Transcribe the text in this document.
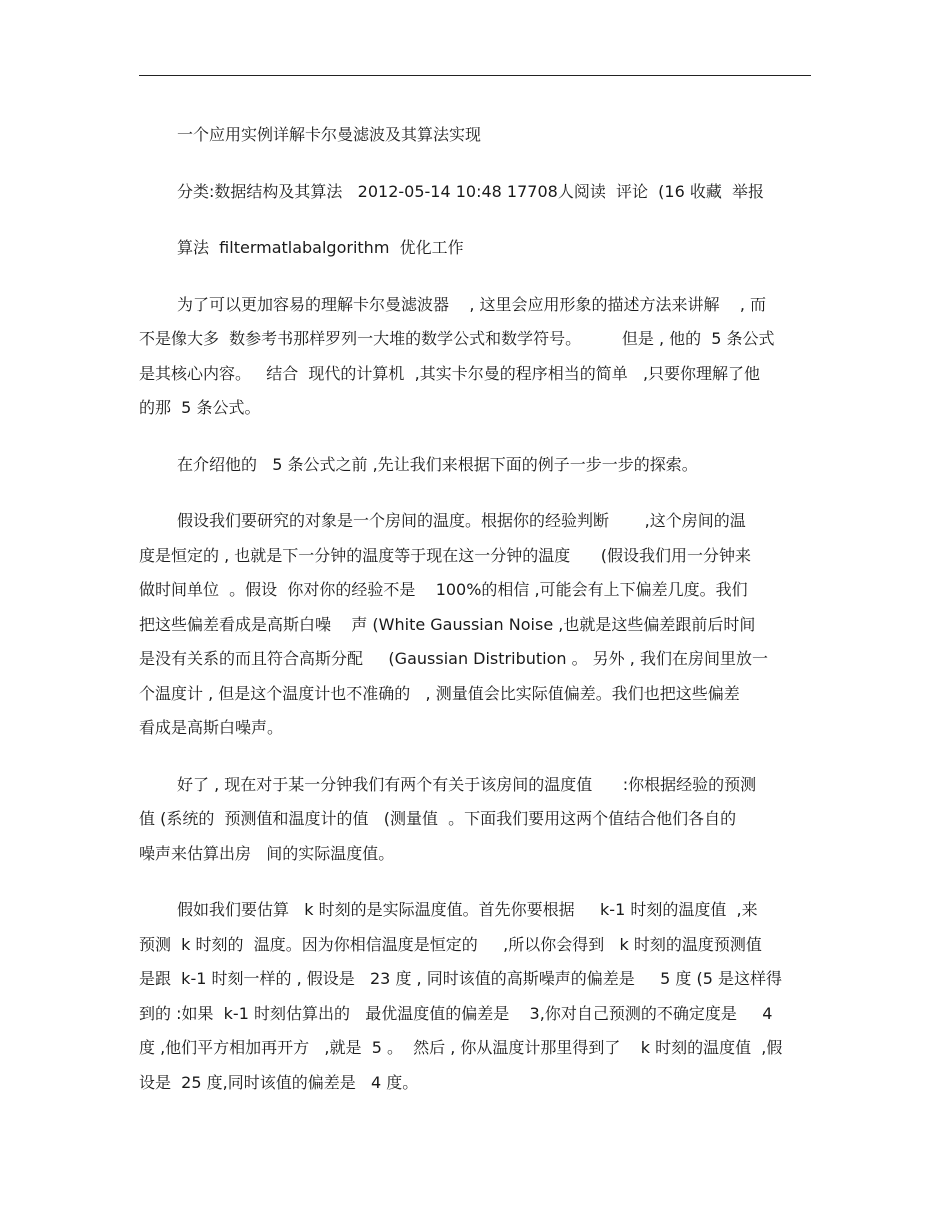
一个应用实例详解卡尔曼滤波及其算法实现
分类:数据结构及其算法   2012-05-14 10:48 17708人阅读  评论  (16 收藏  举报
算法  filtermatlabalgorithm  优化工作
为了可以更加容易的理解卡尔曼滤波器    , 这里会应用形象的描述方法来讲解    , 而
不是像大多  数参考书那样罗列一大堆的数学公式和数学符号。        但是 , 他的  5 条公式
是其核心内容。   结合  现代的计算机  ,其实卡尔曼的程序相当的简单   ,只要你理解了他
的那  5 条公式。
在介绍他的   5 条公式之前 ,先让我们来根据下面的例子一步一步的探索。
假设我们要研究的对象是一个房间的温度。根据你的经验判断       ,这个房间的温
度是恒定的 , 也就是下一分钟的温度等于现在这一分钟的温度      (假设我们用一分钟来
做时间单位  。假设  你对你的经验不是    100%的相信 ,可能会有上下偏差几度。我们
把这些偏差看成是高斯白噪    声 (White Gaussian Noise ,也就是这些偏差跟前后时间
是没有关系的而且符合高斯分配     (Gaussian Distribution 。 另外 , 我们在房间里放一
个温度计 , 但是这个温度计也不准确的   , 测量值会比实际值偏差。我们也把这些偏差
看成是高斯白噪声。
好了 , 现在对于某一分钟我们有两个有关于该房间的温度值      :你根据经验的预测
值 (系统的  预测值和温度计的值   (测量值  。下面我们要用这两个值结合他们各自的
噪声来估算出房   间的实际温度值。
假如我们要估算   k 时刻的是实际温度值。首先你要根据     k-1 时刻的温度值  ,来
预测  k 时刻的  温度。因为你相信温度是恒定的     ,所以你会得到   k 时刻的温度预测值
是跟  k-1 时刻一样的 , 假设是   23 度 , 同时该值的高斯噪声的偏差是     5 度 (5 是这样得
到的 :如果  k-1 时刻估算出的   最优温度值的偏差是    3,你对自己预测的不确定度是     4
度 ,他们平方相加再开方   ,就是  5 。  然后 , 你从温度计那里得到了    k 时刻的温度值  ,假
设是  25 度,同时该值的偏差是   4 度。
